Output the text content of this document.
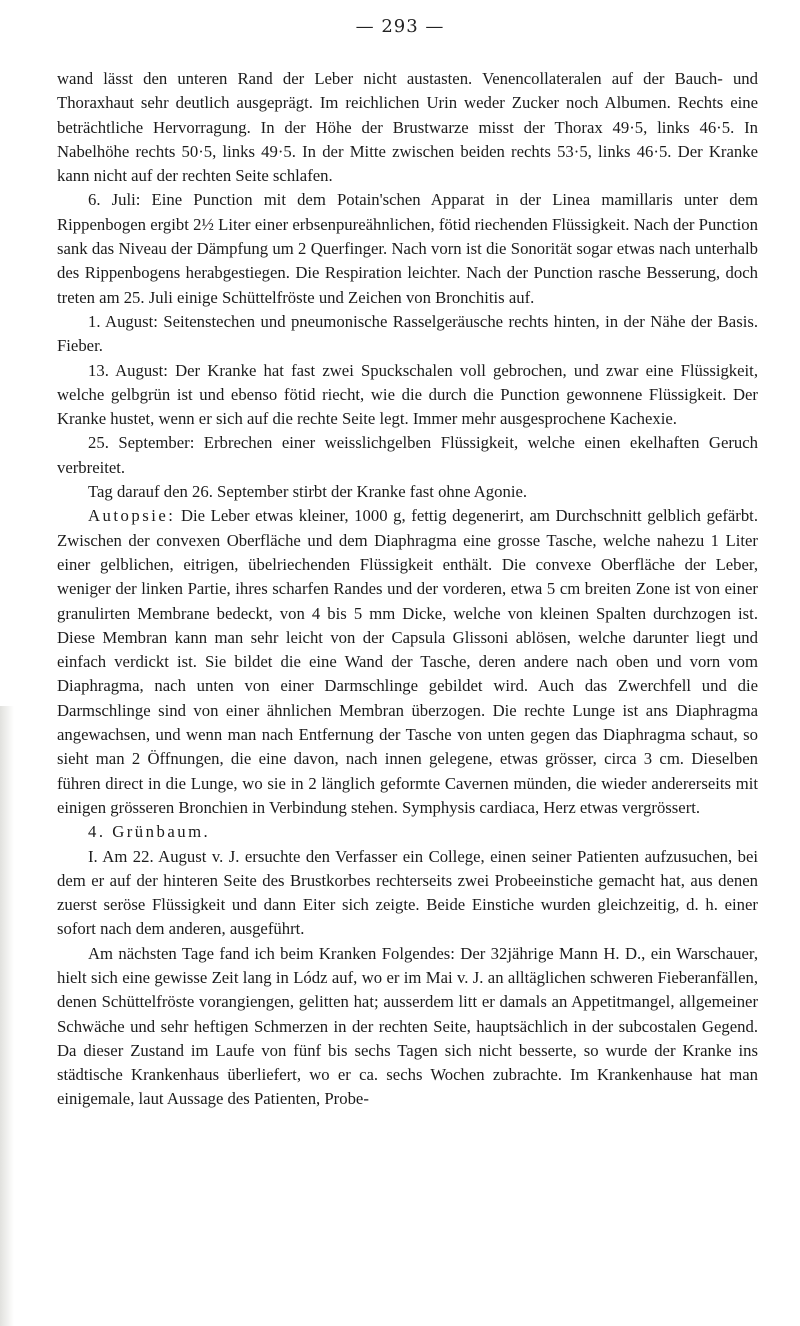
— 293 —

wand lässt den unteren Rand der Leber nicht austasten. Venencollateralen auf der Bauch- und Thoraxhaut sehr deutlich ausgeprägt. Im reichlichen Urin weder Zucker noch Albumen. Rechts eine beträchtliche Hervorragung. In der Höhe der Brustwarze misst der Thorax 49·5, links 46·5. In Nabelhöhe rechts 50·5, links 49·5. In der Mitte zwischen beiden rechts 53·5, links 46·5. Der Kranke kann nicht auf der rechten Seite schlafen.

6. Juli: Eine Punction mit dem Potain'schen Apparat in der Linea mamillaris unter dem Rippenbogen ergibt 2½ Liter einer erbsenpureähnlichen, fötid riechenden Flüssigkeit. Nach der Punction sank das Niveau der Dämpfung um 2 Querfinger. Nach vorn ist die Sonorität sogar etwas nach unterhalb des Rippenbogens herabgestiegen. Die Respiration leichter. Nach der Punction rasche Besserung, doch treten am 25. Juli einige Schüttelfröste und Zeichen von Bronchitis auf.

1. August: Seitenstechen und pneumonische Rasselgeräusche rechts hinten, in der Nähe der Basis. Fieber.

13. August: Der Kranke hat fast zwei Spuckschalen voll gebrochen, und zwar eine Flüssigkeit, welche gelbgrün ist und ebenso fötid riecht, wie die durch die Punction gewonnene Flüssigkeit. Der Kranke hustet, wenn er sich auf die rechte Seite legt. Immer mehr ausgesprochene Kachexie.

25. September: Erbrechen einer weisslichgelben Flüssigkeit, welche einen ekelhaften Geruch verbreitet.

Tag darauf den 26. September stirbt der Kranke fast ohne Agonie.

Autopsie: Die Leber etwas kleiner, 1000 g, fettig degenerirt, am Durchschnitt gelblich gefärbt. Zwischen der convexen Oberfläche und dem Diaphragma eine grosse Tasche, welche nahezu 1 Liter einer gelblichen, eitrigen, übelriechenden Flüssigkeit enthält. Die convexe Oberfläche der Leber, weniger der linken Partie, ihres scharfen Randes und der vorderen, etwa 5 cm breiten Zone ist von einer granulirten Membrane bedeckt, von 4 bis 5 mm Dicke, welche von kleinen Spalten durchzogen ist. Diese Membran kann man sehr leicht von der Capsula Glissoni ablösen, welche darunter liegt und einfach verdickt ist. Sie bildet die eine Wand der Tasche, deren andere nach oben und vorn vom Diaphragma, nach unten von einer Darmschlinge gebildet wird. Auch das Zwerchfell und die Darmschlinge sind von einer ähnlichen Membran überzogen. Die rechte Lunge ist ans Diaphragma angewachsen, und wenn man nach Entfernung der Tasche von unten gegen das Diaphragma schaut, so sieht man 2 Öffnungen, die eine davon, nach innen gelegene, etwas grösser, circa 3 cm. Dieselben führen direct in die Lunge, wo sie in 2 länglich geformte Cavernen münden, die wieder andererseits mit einigen grösseren Bronchien in Verbindung stehen. Symphysis cardiaca, Herz etwas vergrössert.

4. Grünbaum.

I. Am 22. August v. J. ersuchte den Verfasser ein College, einen seiner Patienten aufzusuchen, bei dem er auf der hinteren Seite des Brustkorbes rechterseits zwei Probeeinstiche gemacht hat, aus denen zuerst seröse Flüssigkeit und dann Eiter sich zeigte. Beide Einstiche wurden gleichzeitig, d. h. einer sofort nach dem anderen, ausgeführt.

Am nächsten Tage fand ich beim Kranken Folgendes: Der 32jährige Mann H. D., ein Warschauer, hielt sich eine gewisse Zeit lang in Lódz auf, wo er im Mai v. J. an alltäglichen schweren Fieberanfällen, denen Schüttelfröste vorangiengen, gelitten hat; ausserdem litt er damals an Appetitmangel, allgemeiner Schwäche und sehr heftigen Schmerzen in der rechten Seite, hauptsächlich in der subcostalen Gegend. Da dieser Zustand im Laufe von fünf bis sechs Tagen sich nicht besserte, so wurde der Kranke ins städtische Krankenhaus überliefert, wo er ca. sechs Wochen zubrachte. Im Krankenhause hat man einigemale, laut Aussage des Patienten, Probe-
